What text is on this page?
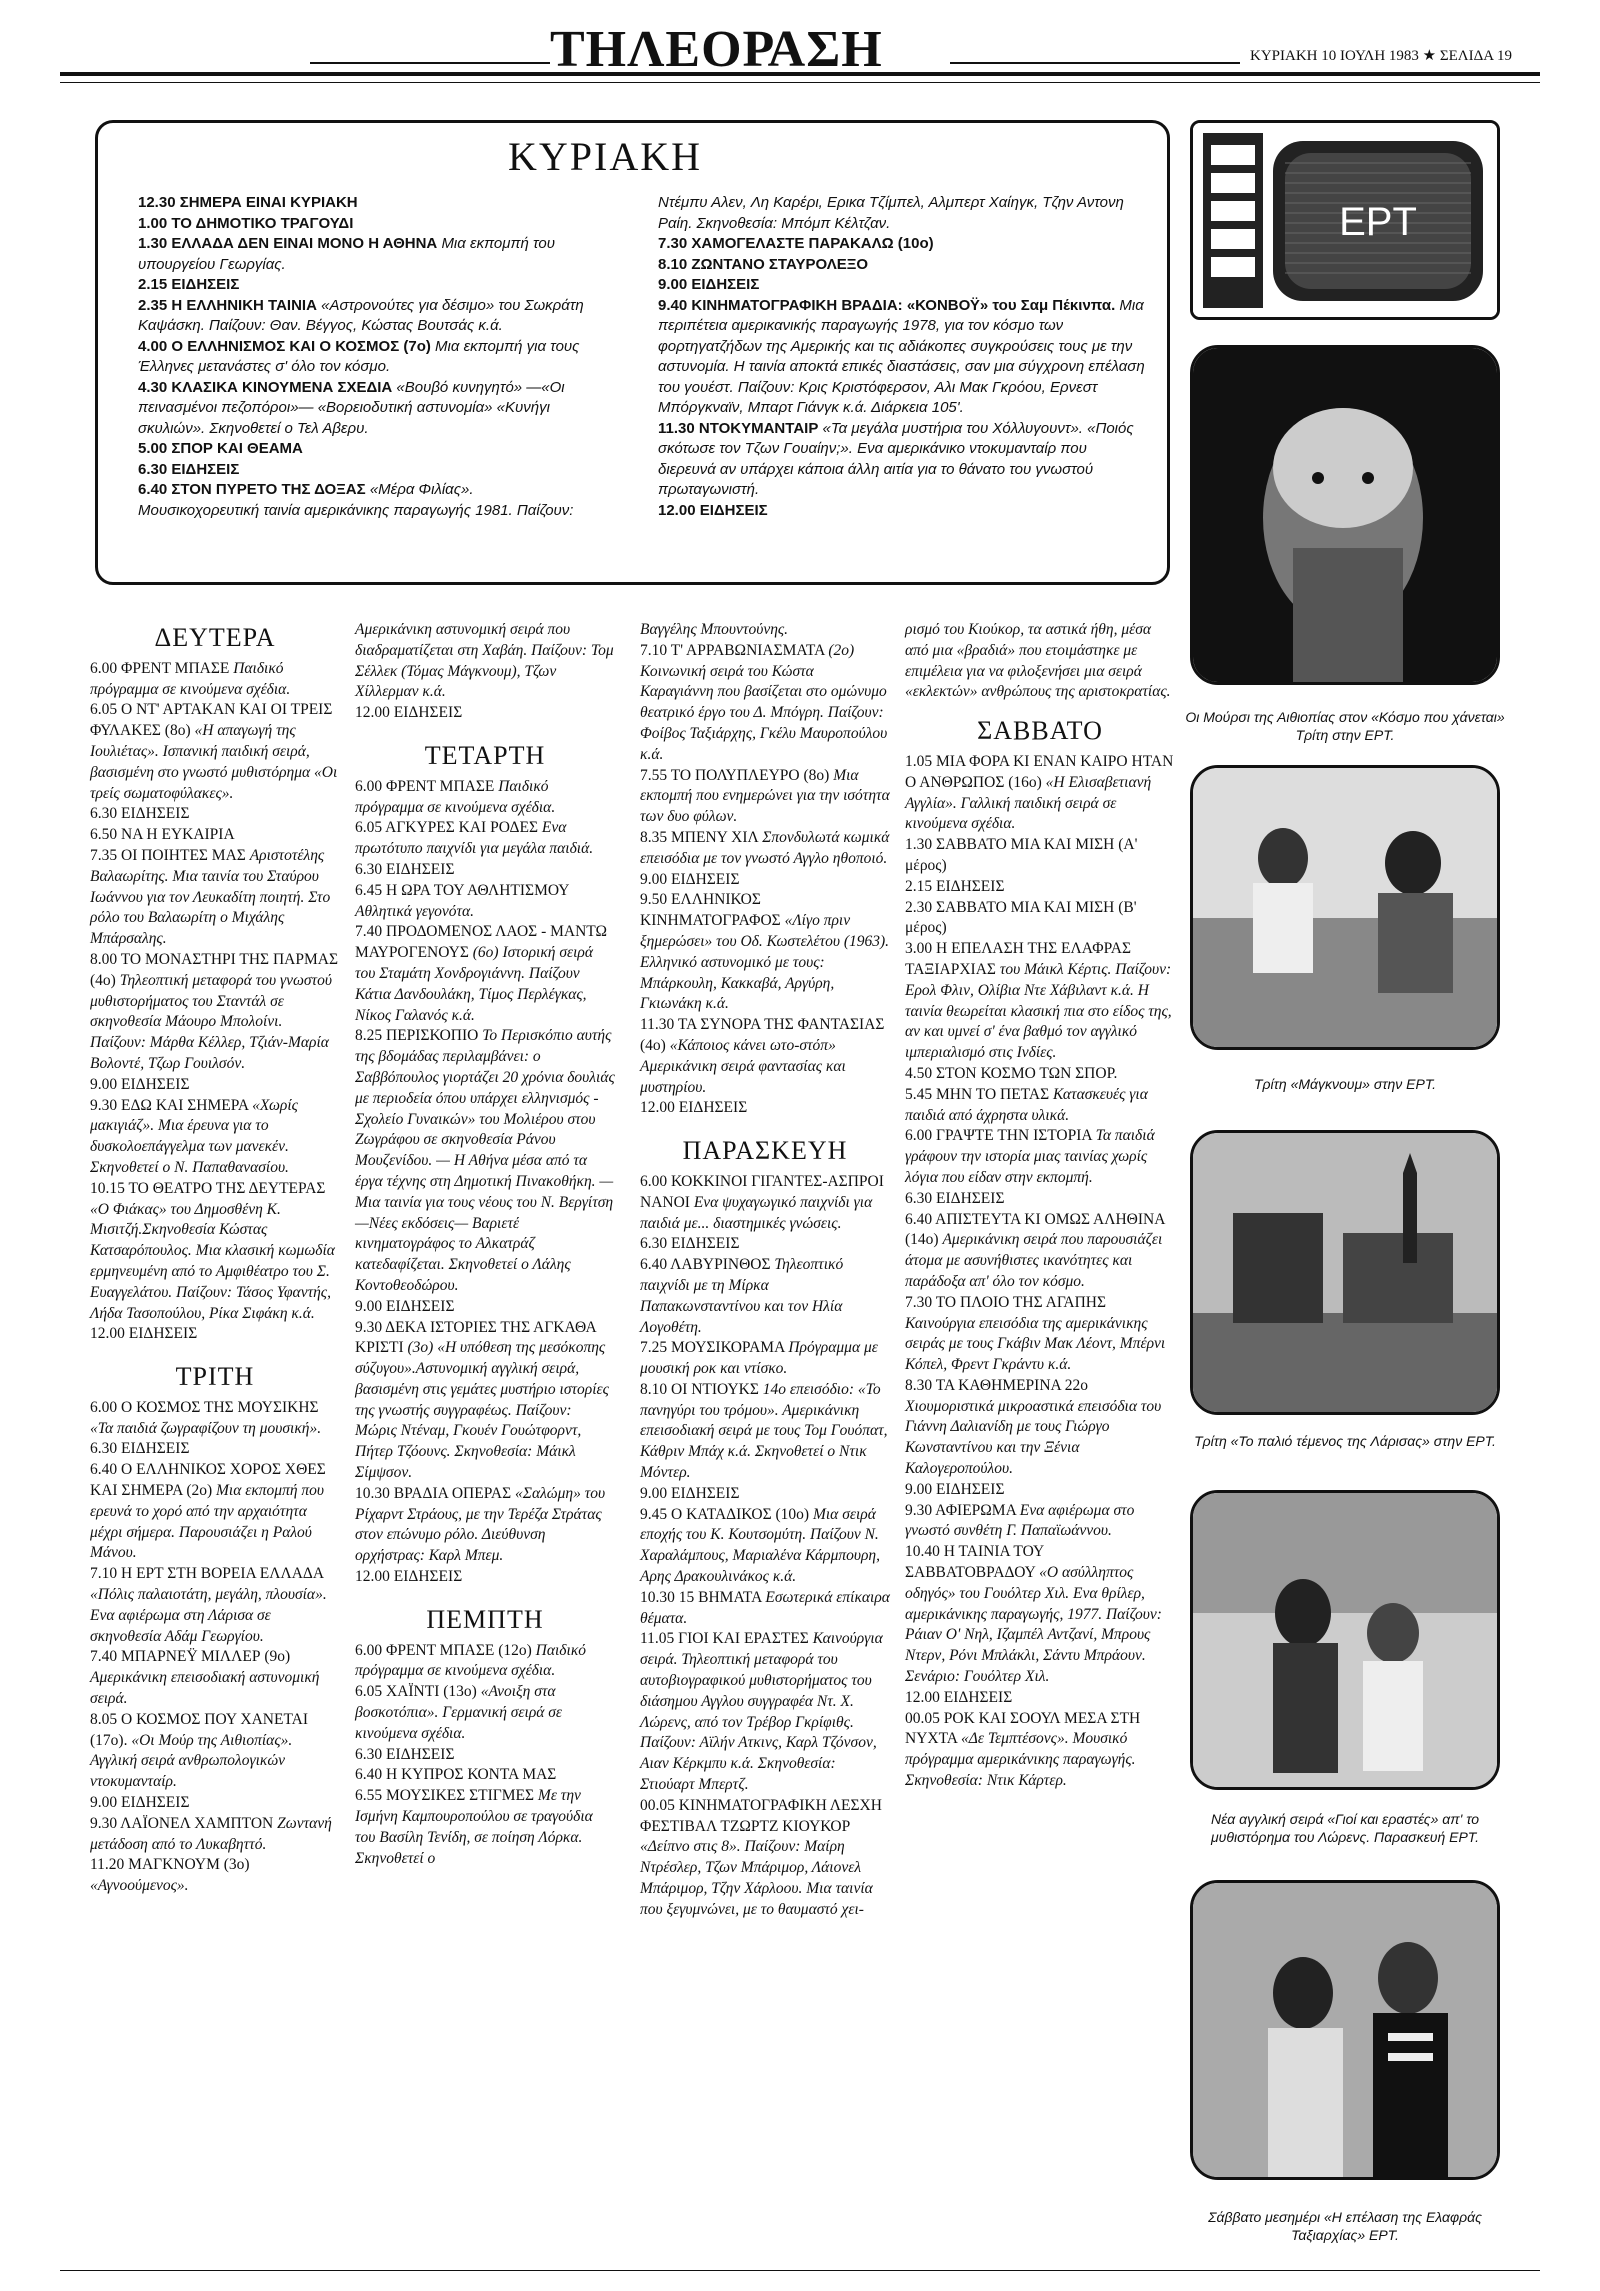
ΤΗΛΕΟΡΑΣΗ	ΚΥΡΙΑΚΗ 10 ΙΟΥΛΗ 1983 ★ ΣΕΛΙΔΑ 19
ΚΥΡΙΑΚΗ

12.30 ΣΗΜΕΡΑ ΕΙΝΑΙ ΚΥΡΙΑΚΗ

1.00 ΤΟ ΔΗΜΟΤΙΚΟ ΤΡΑΓΟΥΔΙ

1.30 ΕΛΛΑΔΑ ΔΕΝ ΕΙΝΑΙ ΜΟΝΟ Η ΑΘΗΝΑ Μια εκπομπή του υπουργείου Γεωργίας.

2.15 ΕΙΔΗΣΕΙΣ

2.35 Η ΕΛΛΗΝΙΚΗ ΤΑΙΝΙΑ «Αστρονούτες για δέσιμο» του Σωκράτη Καψάσκη. Παίζουν: Θαν. Βέγγος, Κώστας Βουτσάς κ.ά.

4.00 Ο ΕΛΛΗΝΙΣΜΟΣ ΚΑΙ Ο ΚΟΣΜΟΣ (7ο) Μια εκπομπή για τους Έλληνες μετανάστες σ' όλο τον κόσμο.

4.30 ΚΛΑΣΙΚΑ ΚΙΝΟΥΜΕΝΑ ΣΧΕΔΙΑ «Βουβό κυνηγητό» —«Οι πεινασμένοι πεζοπόροι»— «Βορειοδυτική αστυνομία» «Κυνήγι σκυλιών». Σκηνοθετεί ο Τελ Αβερυ.

5.00 ΣΠΟΡ ΚΑΙ ΘΕΑΜΑ

6.30 ΕΙΔΗΣΕΙΣ

6.40 ΣΤΟΝ ΠΥΡΕΤΟ ΤΗΣ ΔΟΞΑΣ «Μέρα Φιλίας». Μουσικοχορευτική ταινία αμερικάνικης παραγωγής 1981. Παίζουν:

Ντέμπυ Αλεν, Λη Καρέρι, Ερικα Τζίμπελ, Αλμπερτ Χαίηγκ, Τζην Αντονη Ραίη. Σκηνοθεσία: Μπόμπ Κέλτζαν.

7.30 ΧΑΜΟΓΕΛΑΣΤΕ ΠΑΡΑΚΑΛΩ (10ο)

8.10 ΖΩΝΤΑΝΟ ΣΤΑΥΡΟΛΕΞΟ

9.00 ΕΙΔΗΣΕΙΣ

9.40 ΚΙΝΗΜΑΤΟΓΡΑΦΙΚΗ ΒΡΑΔΙΑ: «ΚΟΝΒΟΫ» του Σαμ Πέκινπα. Μια περιπέτεια αμερικανικής παραγωγής 1978, για τον κόσμο των φορτηγατζήδων της Αμερικής και τις αδιάκοπες συγκρούσεις τους με την αστυνομία. Η ταινία αποκτά επικές διαστάσεις, σαν μια σύγχρονη επέλαση του γουέστ. Παίζουν: Κρις Κριστόφερσον, Αλι Μακ Γκρόου, Ερνεστ Μπόργκναϊν, Μπαρτ Γιάνγκ κ.ά. Διάρκεια 105'.

11.30 ΝΤΟΚΥΜΑΝΤΑΙΡ «Τα μεγάλα μυστήρια του Χόλλυγουντ». «Ποιός σκότωσε τον Τζων Γουαίην;». Ενα αμερικάνικο ντοκυμανταίρ που διερευνά αν υπάρχει κάποια άλλη αιτία για το θάνατο του γνωστού πρωταγωνιστή.

12.00 ΕΙΔΗΣΕΙΣ

ΕΡΤ
Οι Μούρσι της Αιθιοπίας στον «Κόσμο που χάνεται» Τρίτη στην ΕΡΤ.
Τρίτη «Μάγκνουμ» στην ΕΡΤ.
Τρίτη «Το παλιό τέμενος της Λάρισας» στην ΕΡΤ.
Νέα αγγλική σειρά «Γιοί και εραστές» απ' το μυθιστόρημα του Λώρενς. Παρασκευή ΕΡΤ.
Σάββατο μεσημέρι «Η επέλαση της Ελαφράς Ταξιαρχίας» ΕΡΤ.
ΔΕΥΤΕΡΑ

6.00 ΦΡΕΝΤ ΜΠΑΣΕ Παιδικό πρόγραμμα σε κινούμενα σχέδια.

6.05 Ο ΝΤ' ΑΡΤΑΚΑΝ ΚΑΙ ΟΙ ΤΡΕΙΣ ΦΥΛΑΚΕΣ (8ο) «Η απαγωγή της Ιουλιέτας». Ισπανική παιδική σειρά, βασισμένη στο γνωστό μυθιστόρημα «Οι τρείς σωματοφύλακες».

6.30 ΕΙΔΗΣΕΙΣ

6.50 ΝΑ Η ΕΥΚΑΙΡΙΑ

7.35 ΟΙ ΠΟΙΗΤΕΣ ΜΑΣ Αριστοτέλης Βαλαωρίτης. Μια ταινία του Σταύρου Ιωάννου για τον Λευκαδίτη ποιητή. Στο ρόλο του Βαλαωρίτη ο Μιχάλης Μπάρσαλης.

8.00 ΤΟ ΜΟΝΑΣΤΗΡΙ ΤΗΣ ΠΑΡΜΑΣ (4ο) Τηλεοπτική μεταφορά του γνωστού μυθιστορήματος του Σταντάλ σε σκηνοθεσία Μάουρο Μπολοίνι. Παίζουν: Μάρθα Κέλλερ, Τζιάν-Μαρία Βολοντέ, Τζωρ Γουιλσόν.

9.00 ΕΙΔΗΣΕΙΣ

9.30 ΕΔΩ ΚΑΙ ΣΗΜΕΡΑ «Χωρίς μακιγιάζ». Μια έρευνα για το δυσκολοεπάγγελμα των μανεκέν. Σκηνοθετεί ο Ν. Παπαθανασίου.

10.15 ΤΟ ΘΕΑΤΡΟ ΤΗΣ ΔΕΥΤΕΡΑΣ «Ο Φιάκας» του Δημοσθένη Κ. Μισιτζή.Σκηνοθεσία Κώστας Κατσαρόπουλος. Μια κλασική κωμωδία ερμηνευμένη από το Αμφιθέατρο του Σ. Ευαγγελάτου. Παίζουν: Τάσος Υφαντής, Λήδα Τασοπούλου, Ρίκα Σιφάκη κ.ά.

12.00 ΕΙΔΗΣΕΙΣ

ΤΡΙΤΗ

6.00 Ο ΚΟΣΜΟΣ ΤΗΣ ΜΟΥΣΙΚΗΣ «Τα παιδιά ζωγραφίζουν τη μουσική».

6.30 ΕΙΔΗΣΕΙΣ

6.40 Ο ΕΛΛΗΝΙΚΟΣ ΧΟΡΟΣ ΧΘΕΣ ΚΑΙ ΣΗΜΕΡΑ (2ο) Μια εκπομπή που ερευνά το χορό από την αρχαιότητα μέχρι σήμερα. Παρουσιάζει η Ραλού Μάνου.

7.10 Η ΕΡΤ ΣΤΗ ΒΟΡΕΙΑ ΕΛΛΑΔΑ «Πόλις παλαιοτάτη, μεγάλη, πλουσία». Ενα αφιέρωμα στη Λάρισα σε σκηνοθεσία Αδάμ Γεωργίου.

7.40 ΜΠΑΡΝΕΫ ΜΙΛΛΕΡ (9ο) Αμερικάνικη επεισοδιακή αστυνομική σειρά.

8.05 Ο ΚΟΣΜΟΣ ΠΟΥ ΧΑΝΕΤΑΙ (17ο). «Οι Μούρ της Αιθιοπίας». Αγγλική σειρά ανθρωπολογικών ντοκυμανταίρ.

9.00 ΕΙΔΗΣΕΙΣ

9.30 ΛΑΪΟΝΕΛ ΧΑΜΠΤΟΝ Ζωντανή μετάδοση από το Λυκαβηττό.

11.20 ΜΑΓΚΝΟΥΜ (3ο) «Αγνοούμενος».

Αμερικάνικη αστυνομική σειρά που διαδραματίζεται στη Χαβάη. Παίζουν: Τομ Σέλλεκ (Τόμας Μάγκνουμ), Τζων Χίλλερμαν κ.ά.

12.00 ΕΙΔΗΣΕΙΣ

ΤΕΤΑΡΤΗ

6.00 ΦΡΕΝΤ ΜΠΑΣΕ Παιδικό πρόγραμμα σε κινούμενα σχέδια.

6.05 ΑΓΚΥΡΕΣ ΚΑΙ ΡΟΔΕΣ Ενα πρωτότυπο παιχνίδι για μεγάλα παιδιά.

6.30 ΕΙΔΗΣΕΙΣ

6.45 Η ΩΡΑ ΤΟΥ ΑΘΛΗΤΙΣΜΟΥ Αθλητικά γεγονότα.

7.40 ΠΡΟΔΟΜΕΝΟΣ ΛΑΟΣ - ΜΑΝΤΩ ΜΑΥΡΟΓΕΝΟΥΣ (6ο) Ιστορική σειρά του Σταμάτη Χονδρογιάννη. Παίζουν Κάτια Δανδουλάκη, Τίμος Περλέγκας, Νίκος Γαλανός κ.ά.

8.25 ΠΕΡΙΣΚΟΠΙΟ Το Περισκόπιο αυτής της βδομάδας περιλαμβάνει: ο Σαββόπουλος γιορτάζει 20 χρόνια δουλιάς με περιοδεία όπου υπάρχει ελληνισμός - Σχολείο Γυναικών» του Μολιέρου στου Ζωγράφου σε σκηνοθεσία Ράνου Μουζενίδου. — Η Αθήνα μέσα από τα έργα τέχνης στη Δημοτική Πινακοθήκη. — Μια ταινία για τους νέους του Ν. Βεργίτση —Νέες εκδόσεις— Βαριετέ κινηματογράφος το Αλκατράζ κατεδαφίζεται. Σκηνοθετεί ο Λάλης Κοντοθεοδώρου.

9.00 ΕΙΔΗΣΕΙΣ

9.30 ΔΕΚΑ ΙΣΤΟΡΙΕΣ ΤΗΣ ΑΓΚΑΘΑ ΚΡΙΣΤΙ (3ο) «Η υπόθεση της μεσόκοπης σύζυγου».Αστυνομική αγγλική σειρά, βασισμένη στις γεμάτες μυστήριο ιστορίες της γνωστής συγγραφέως. Παίζουν: Μώρις Ντέναμ, Γκουέν Γουώτφορντ, Πήτερ Τζόουνς. Σκηνοθεσία: Μάικλ Σίμψσον.

10.30 ΒΡΑΔΙΑ ΟΠΕΡΑΣ «Σαλώμη» του Ρίχαρντ Στράους, με την Τερέζα Στράτας στον επώνυμο ρόλο. Διεύθυνση ορχήστρας: Καρλ Μπεμ.

12.00 ΕΙΔΗΣΕΙΣ

ΠΕΜΠΤΗ

6.00 ΦΡΕΝΤ ΜΠΑΣΕ (12ο) Παιδικό πρόγραμμα σε κινούμενα σχέδια.

6.05 ΧΑΪΝΤΙ (13ο) «Ανοιξη στα βοσκοτόπια». Γερμανική σειρά σε κινούμενα σχέδια.

6.30 ΕΙΔΗΣΕΙΣ

6.40 Η ΚΥΠΡΟΣ ΚΟΝΤΑ ΜΑΣ

6.55 ΜΟΥΣΙΚΕΣ ΣΤΙΓΜΕΣ Με την Ισμήνη Καμπουροπούλου σε τραγούδια του Βασίλη Τενίδη, σε ποίηση Λόρκα. Σκηνοθετεί ο

Βαγγέλης Μπουντούνης.

7.10 Τ' ΑΡΡΑΒΩΝΙΑΣΜΑΤΑ (2ο) Κοινωνική σειρά του Κώστα Καραγιάννη που βασίζεται στο ομώνυμο θεατρικό έργο του Δ. Μπόγρη. Παίζουν: Φοίβος Ταξιάρχης, Γκέλυ Μαυροπούλου κ.ά.

7.55 ΤΟ ΠΟΛΥΠΛΕΥΡΟ (8ο) Μια εκπομπή που ενημερώνει για την ισότητα των δυο φύλων.

8.35 ΜΠΕΝΥ ΧΙΛ Σπονδυλωτά κωμικά επεισόδια με τον γνωστό Αγγλο ηθοποιό.

9.00 ΕΙΔΗΣΕΙΣ

9.50 ΕΛΛΗΝΙΚΟΣ ΚΙΝΗΜΑΤΟΓΡΑΦΟΣ «Λίγο πριν ξημερώσει» του Οδ. Κωστελέτου (1963). Ελληνικό αστυνομικό με τους: Μπάρκουλη, Κακκαβά, Αργύρη, Γκιωνάκη κ.ά.

11.30 ΤΑ ΣΥΝΟΡΑ ΤΗΣ ΦΑΝΤΑΣΙΑΣ (4ο) «Κάποιος κάνει ωτο-στόπ» Αμερικάνικη σειρά φαντασίας και μυστηρίου.

12.00 ΕΙΔΗΣΕΙΣ

ΠΑΡΑΣΚΕΥΗ

6.00 ΚΟΚΚΙΝΟΙ ΓΙΓΑΝΤΕΣ-ΑΣΠΡΟΙ ΝΑΝΟΙ Ενα ψυχαγωγικό παιχνίδι για παιδιά με... διαστημικές γνώσεις.

6.30 ΕΙΔΗΣΕΙΣ

6.40 ΛΑΒΥΡΙΝΘΟΣ Τηλεοπτικό παιχνίδι με τη Μίρκα Παπακωνσταντίνου και τον Ηλία Λογοθέτη.

7.25 ΜΟΥΣΙΚΟΡΑΜΑ Πρόγραμμα με μουσική ροκ και ντίσκο.

8.10 ΟΙ ΝΤΙΟΥΚΣ 14ο επεισόδιο: «Το πανηγύρι του τρόμου». Αμερικάνικη επεισοδιακή σειρά με τους Τομ Γουόπατ, Κάθριν Μπάχ κ.ά. Σκηνοθετεί ο Ντικ Μόντερ.

9.00 ΕΙΔΗΣΕΙΣ

9.45 Ο ΚΑΤΑΔΙΚΟΣ (10ο) Μια σειρά εποχής του Κ. Κουτσομύτη. Παίζουν Ν. Χαραλάμπους, Μαριαλένα Κάρμπουρη, Αρης Δρακουλινάκος κ.ά.

10.30 15 ΒΗΜΑΤΑ Εσωτερικά επίκαιρα θέματα.

11.05 ΓΙΟΙ ΚΑΙ ΕΡΑΣΤΕΣ Καινούργια σειρά. Τηλεοπτική μεταφορά του αυτοβιογραφικού μυθιστορήματος του διάσημου Αγγλου συγγραφέα Ντ. Χ. Λώρενς, από τον Τρέβορ Γκρίφιθς. Παίζουν: Αϊλήν Ατκινς, Καρλ Τζόνσον, Αιαν Κέρκμπυ κ.ά. Σκηνοθεσία: Στιούαρτ Μπερτζ.

00.05 ΚΙΝΗΜΑΤΟΓΡΑΦΙΚΗ ΛΕΣΧΗ ΦΕΣΤΙΒΑΛ ΤΖΩΡΤΖ ΚΙΟΥΚΟΡ «Δείπνο στις 8». Παίζουν: Μαίρη Ντρέσλερ, Τζων Μπάριμορ, Λάιονελ Μπάριμορ, Τζην Χάρλοου. Μια ταινία που ξεγυμνώνει, με το θαυμαστό χει-

ρισμό του Κιούκορ, τα αστικά ήθη, μέσα από μια «βραδιά» που ετοιμάστηκε με επιμέλεια για να φιλοξενήσει μια σειρά «εκλεκτών» ανθρώπους της αριστοκρατίας.

ΣΑΒΒΑΤΟ

1.05 ΜΙΑ ΦΟΡΑ ΚΙ ΕΝΑΝ ΚΑΙΡΟ ΗΤΑΝ Ο ΑΝΘΡΩΠΟΣ (16ο) «Η Ελισαβετιανή Αγγλία». Γαλλική παιδική σειρά σε κινούμενα σχέδια.

1.30 ΣΑΒΒΑΤΟ ΜΙΑ ΚΑΙ ΜΙΣΗ (Α' μέρος)

2.15 ΕΙΔΗΣΕΙΣ

2.30 ΣΑΒΒΑΤΟ ΜΙΑ ΚΑΙ ΜΙΣΗ (Β' μέρος)

3.00 Η ΕΠΕΛΑΣΗ ΤΗΣ ΕΛΑΦΡΑΣ ΤΑΞΙΑΡΧΙΑΣ του Μάικλ Κέρτις. Παίζουν: Ερολ Φλιν, Ολίβια Ντε Χάβιλαντ κ.ά. Η ταινία θεωρείται κλασική πια στο είδος της, αν και υμνεί σ' ένα βαθμό τον αγγλικό ιμπεριαλισμό στις Ινδίες.

4.50 ΣΤΟΝ ΚΟΣΜΟ ΤΩΝ ΣΠΟΡ.

5.45 ΜΗΝ ΤΟ ΠΕΤΑΣ Κατασκευές για παιδιά από άχρηστα υλικά.

6.00 ΓΡΑΨΤΕ ΤΗΝ ΙΣΤΟΡΙΑ Τα παιδιά γράφουν την ιστορία μιας ταινίας χωρίς λόγια που είδαν στην εκπομπή.

6.30 ΕΙΔΗΣΕΙΣ

6.40 ΑΠΙΣΤΕΥΤΑ ΚΙ ΟΜΩΣ ΑΛΗΘΙΝΑ (14ο) Αμερικάνικη σειρά που παρουσιάζει άτομα με ασυνήθιστες ικανότητες και παράδοξα απ' όλο τον κόσμο.

7.30 ΤΟ ΠΛΟΙΟ ΤΗΣ ΑΓΑΠΗΣ Καινούργια επεισόδια της αμερικάνικης σειράς με τους Γκάβιν Μακ Λέοντ, Μπέρνι Κόπελ, Φρεντ Γκράντυ κ.ά.

8.30 ΤΑ ΚΑΘΗΜΕΡΙΝΑ 22ο Χιουμοριστικά μικροαστικά επεισόδια του Γιάννη Δαλιανίδη με τους Γιώργο Κωνσταντίνου και την Ξένια Καλογεροπούλου.

9.00 ΕΙΔΗΣΕΙΣ

9.30 ΑΦΙΕΡΩΜΑ Ενα αφιέρωμα στο γνωστό συνθέτη Γ. Παπαϊωάννου.

10.40 Η ΤΑΙΝΙΑ ΤΟΥ ΣΑΒΒΑΤΟΒΡΑΔΟΥ «Ο ασύλληπτος οδηγός» του Γουόλτερ Χιλ. Ενα θρίλερ, αμερικάνικης παραγωγής, 1977. Παίζουν: Ράιαν Ο' Νηλ, Ιζαμπέλ Αντζανί, Μπρους Ντερν, Ρόνι Μπλάκλι, Σάντυ Μπράουν. Σενάριο: Γουόλτερ Χιλ.

12.00 ΕΙΔΗΣΕΙΣ

00.05 ΡΟΚ ΚΑΙ ΣΟΟΥΛ ΜΕΣΑ ΣΤΗ ΝΥΧΤΑ «Δε Τεμπτέσονς». Μουσικό πρόγραμμα αμερικάνικης παραγωγής. Σκηνοθεσία: Ντικ Κάρτερ.
